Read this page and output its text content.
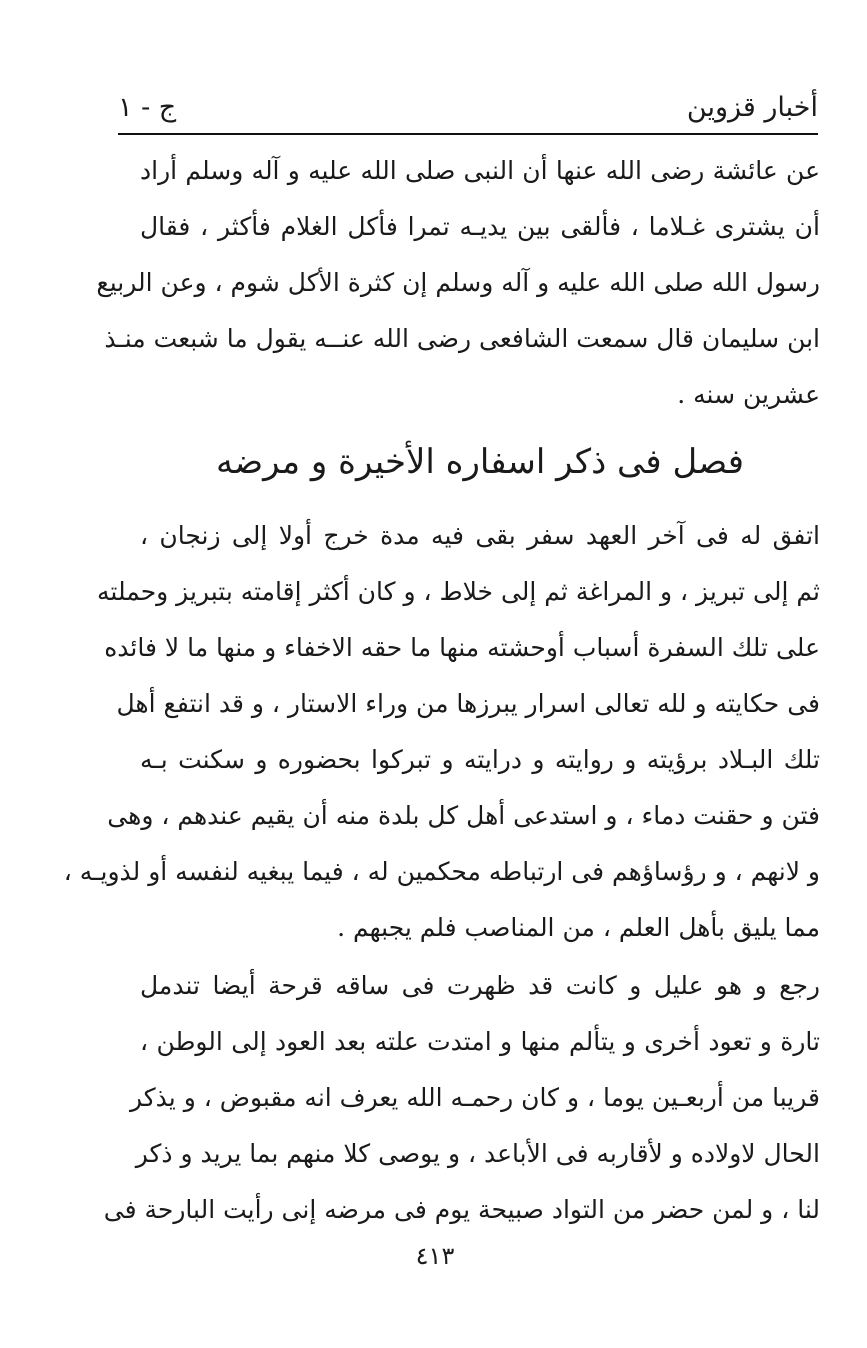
أخبار قزوين
ج - ١
عن عائشة رضى الله عنها أن النبى صلى الله عليه و آله وسلم أراد
أن يشترى غـلاما ، فألقى بين يديـه تمرا فأكل الغلام فأكثر ، فقال
رسول الله صلى الله عليه و آله وسلم إن كثرة الأكل شوم ، وعن الربيع
ابن سليمان قال سمعت الشافعى رضى الله عنــه يقول ما شبعت منـذ
عشرين سنه .
فصل فى ذكر اسفاره الأخيرة و مرضه
اتفق له فى آخر العهد سفر بقى فيه مدة خرج أولا إلى زنجان ،
ثم إلى تبريز ، و المراغة ثم إلى خلاط ، و كان أكثر إقامته بتبريز وحملته
على تلك السفرة أسباب أوحشته منها ما حقه الاخفاء و منها ما لا فائده
فى حكايته و لله تعالى اسرار يبرزها من وراء الاستار ، و قد انتفع أهل
تلك البـلاد برؤيته و روايته و درايته و تبركوا بحضوره و سكنت بـه
فتن و حقنت دماء ، و استدعى أهل كل بلدة منه أن يقيم عندهم ، وهى
و لانهم ، و رؤساؤهم فى ارتباطه محكمين له ، فيما يبغيه لنفسه أو لذويـه ،
مما يليق بأهل العلم ، من المناصب فلم يجبهم .
رجع و هو عليل و كانت قد ظهرت فى ساقه قرحة أيضا تندمل
تارة و تعود أخرى و يتألم منها و امتدت علته بعد العود إلى الوطن ،
قريبا من أربعـين يوما ، و كان رحمـه الله يعرف انه مقبوض ، و يذكر
الحال لاولاده و لأقاربه فى الأباعد ، و يوصى كلا منهم بما يريد و ذكر
لنا ، و لمن حضر من التواد صبيحة يوم فى مرضه إنى رأيت البارحة فى
٤١٣
